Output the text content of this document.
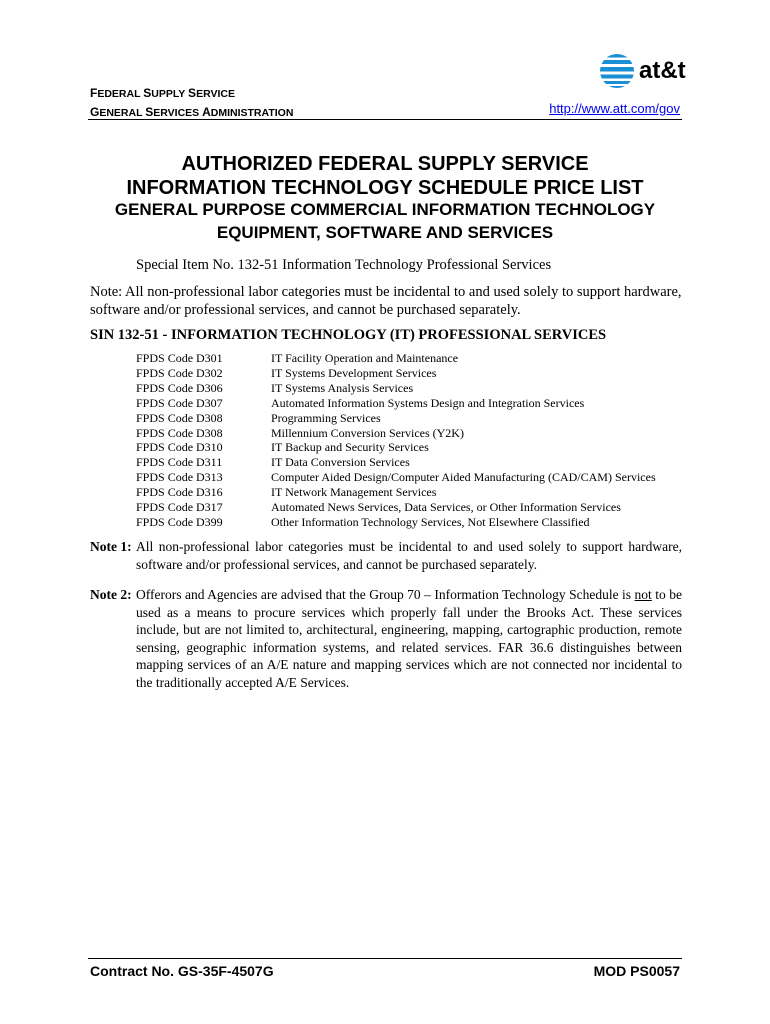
FEDERAL SUPPLY SERVICE
GENERAL SERVICES ADMINISTRATION
at&t
http://www.att.com/gov
AUTHORIZED FEDERAL SUPPLY SERVICE
INFORMATION TECHNOLOGY SCHEDULE PRICE LIST
GENERAL PURPOSE COMMERCIAL INFORMATION TECHNOLOGY
EQUIPMENT, SOFTWARE AND SERVICES
Special Item No. 132-51 Information Technology Professional Services
Note: All non-professional labor categories must be incidental to and used solely to support hardware, software and/or professional services, and cannot be purchased separately.
SIN 132-51 - INFORMATION TECHNOLOGY (IT) PROFESSIONAL SERVICES
FPDS Code D301	IT Facility Operation and Maintenance
FPDS Code D302	IT Systems Development Services
FPDS Code D306	IT Systems Analysis Services
FPDS Code D307	Automated Information Systems Design and Integration Services
FPDS Code D308	Programming Services
FPDS Code D308	Millennium Conversion Services (Y2K)
FPDS Code D310	IT Backup and Security Services
FPDS Code D311	IT Data Conversion Services
FPDS Code D313	Computer Aided Design/Computer Aided Manufacturing (CAD/CAM) Services
FPDS Code D316	IT Network Management Services
FPDS Code D317	Automated News Services, Data Services, or Other Information Services
FPDS Code D399	Other Information Technology Services, Not Elsewhere Classified
Note 1: All non-professional labor categories must be incidental to and used solely to support hardware, software and/or professional services, and cannot be purchased separately.
Note 2: Offerors and Agencies are advised that the Group 70 – Information Technology Schedule is not to be used as a means to procure services which properly fall under the Brooks Act. These services include, but are not limited to, architectural, engineering, mapping, cartographic production, remote sensing, geographic information systems, and related services. FAR 36.6 distinguishes between mapping services of an A/E nature and mapping services which are not connected nor incidental to the traditionally accepted A/E Services.
Contract No. GS-35F-4507G	MOD PS0057
